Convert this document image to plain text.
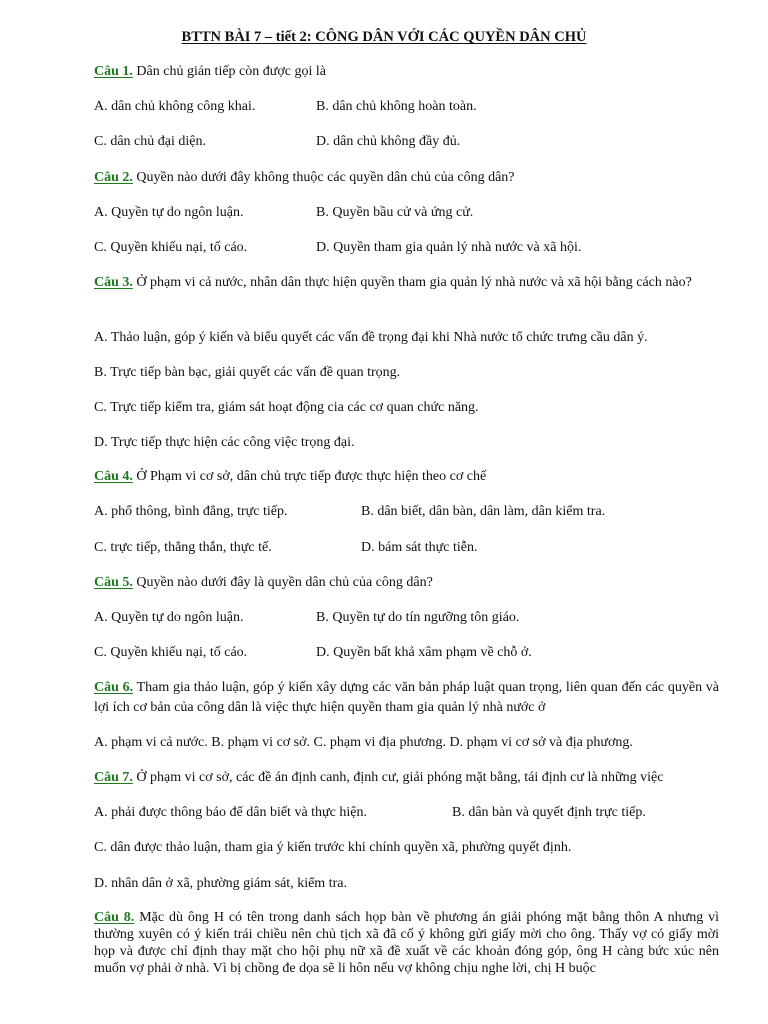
BTTN BÀI 7 – tiết 2: CÔNG DÂN VỚI CÁC QUYỀN DÂN CHỦ
Câu 1. Dân chủ gián tiếp còn được gọi là
A. dân chủ không công khai.	B. dân chủ không hoàn toàn.
C. dân chủ đại diện.	D. dân chủ không đầy đủ.
Câu 2. Quyền nào dưới đây không thuộc các quyền dân chủ của công dân?
A. Quyền tự do ngôn luận.	B. Quyền bầu cử và ứng cử.
C. Quyền khiếu nại, tố cáo.	D. Quyền tham gia quản lý nhà nước và xã hội.
Câu 3. Ở phạm vi cả nước, nhân dân thực hiện quyền tham gia quản lý nhà nước và xã hội bằng cách nào?
A. Thảo luận, góp ý kiến và biểu quyết các vấn đề trọng đại khi Nhà nước tổ chức trưng cầu dân ý.
B. Trực tiếp bàn bạc, giải quyết các vấn đề quan trọng.
C. Trực tiếp kiểm tra, giám sát hoạt động cia các cơ quan chức năng.
D. Trực tiếp thực hiện các công việc trọng đại.
Câu 4. Ở Phạm vi cơ sở, dân chủ trực tiếp được thực hiện theo cơ chế
A. phổ thông, bình đẳng, trực tiếp.	B. dân biết, dân bàn, dân làm, dân kiểm tra.
C. trực tiếp, thẳng thắn, thực tế.	D. bám sát thực tiễn.
Câu 5. Quyền nào dưới đây là quyền dân chủ của công dân?
A. Quyền tự do ngôn luận.	B. Quyền tự do tín ngưỡng tôn giáo.
C. Quyền khiếu nại, tố cáo.	D. Quyền bất khả xâm phạm về chỗ ở.
Câu 6. Tham gia thảo luận, góp ý kiến xây dựng các văn bản pháp luật quan trọng, liên quan đến các quyền và lợi ích cơ bản của công dân là việc thực hiện quyền tham gia quản lý nhà nước ở
A. phạm vi cả nước. B. phạm vi cơ sở. C. phạm vi địa phương. D. phạm vi cơ sở và địa phương.
Câu 7. Ở phạm vi cơ sở, các đề án định canh, định cư, giải phóng mặt bằng, tái định cư là những việc
A. phải được thông báo để dân biết và thực hiện.	B. dân bàn và quyết định trực tiếp.
C. dân được thảo luận, tham gia ý kiến trước khi chính quyền xã, phường quyết định.
D. nhân dân ở xã, phường giám sát, kiểm tra.
Câu 8. Mặc dù ông H có tên trong danh sách họp bàn về phương án giải phóng mặt bằng thôn A nhưng vì thường xuyên có ý kiến trái chiều nên chủ tịch xã đã cố ý không gửi giấy mời cho ông. Thấy vợ có giấy mời họp và được chỉ định thay mặt cho hội phụ nữ xã đề xuất về các khoản đóng góp, ông H càng bức xúc nên muốn vợ phải ở nhà. Vì bị chồng đe dọa sẽ li hôn nếu vợ không chịu nghe lời, chị H buộc
